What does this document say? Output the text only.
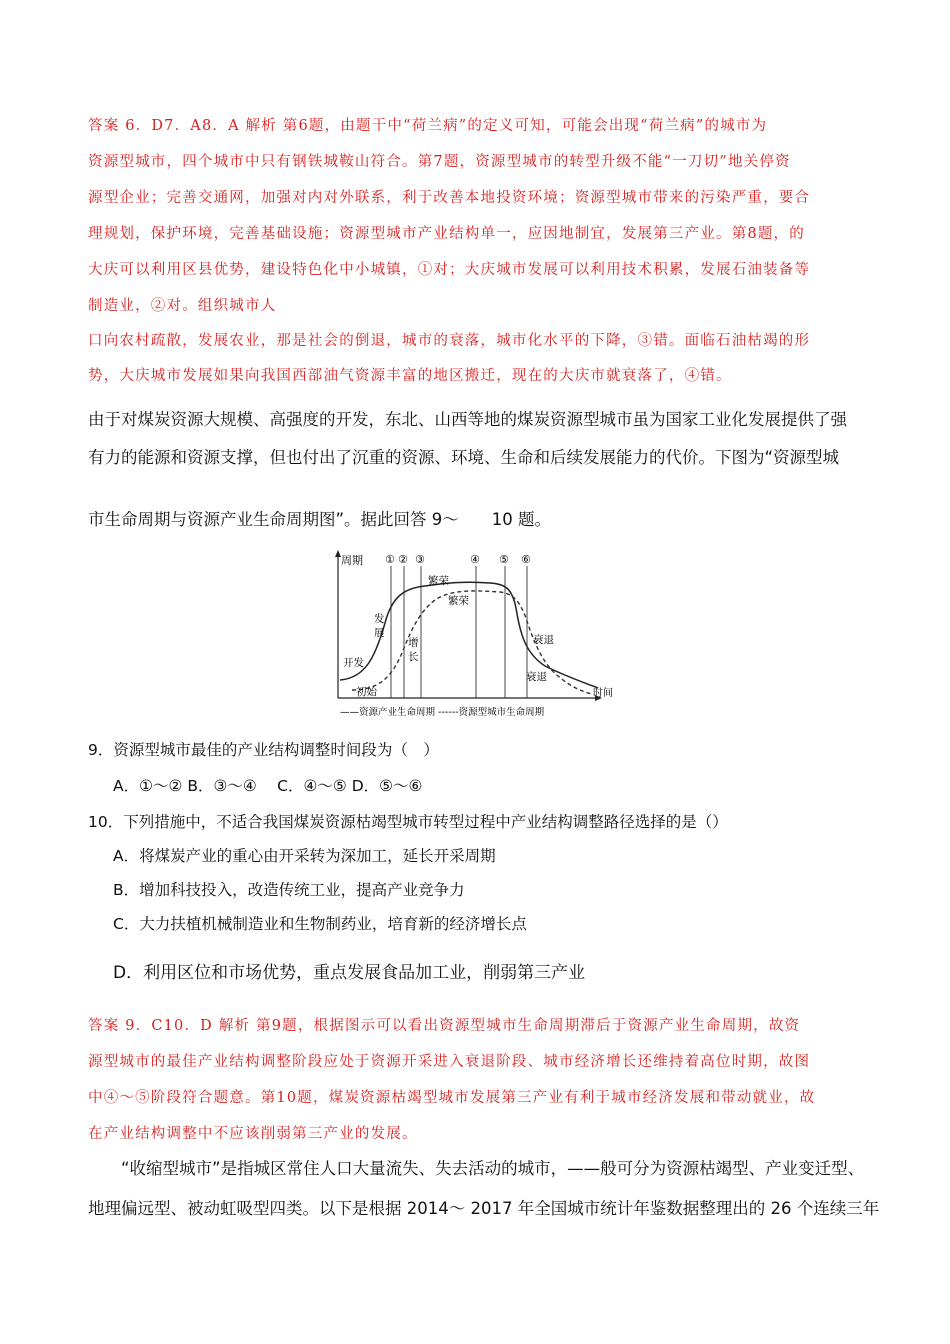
答案 6．D7．A8．A 解析 第6题，由题干中“荷兰病”的定义可知，可能会出现“荷兰病”的城市为
资源型城市，四个城市中只有钢铁城鞍山符合。第7题，资源型城市的转型升级不能“一刀切”地关停资
源型企业；完善交通网，加强对内对外联系，利于改善本地投资环境；资源型城市带来的污染严重，要合
理规划，保护环境，完善基础设施；资源型城市产业结构单一，应因地制宜，发展第三产业。第8题，的
大庆可以利用区县优势，建设特色化中小城镇，①对；大庆城市发展可以利用技术积累，发展石油装备等
制造业，②对。组织城市人
口向农村疏散，发展农业，那是社会的倒退，城市的衰落，城市化水平的下降，③错。面临石油枯竭的形
势，大庆城市发展如果向我国西部油气资源丰富的地区搬迁，现在的大庆市就衰落了，④错。
由于对煤炭资源大规模、高强度的开发，东北、山西等地的煤炭资源型城市虽为国家工业化发展提供了强
有力的能源和资源支撑，但也付出了沉重的资源、环境、生命和后续发展能力的代价。下图为“资源型城
市生命周期与资源产业生命周期图”。据此回答 9～　　10 题。
周期
时间
① ② ③	④ ⑤ ⑥
开发
发
展
繁荣
衰退
初始
增
长
繁荣
衰退
——资源产业生命周期 ------资源型城市生命周期
9．资源型城市最佳的产业结构调整时间段为（　）
A．①～② B．③～④　 C．④～⑤ D．⑤～⑥
10．下列措施中，不适合我国煤炭资源枯竭型城市转型过程中产业结构调整路径选择的是（）
A．将煤炭产业的重心由开采转为深加工，延长开采周期
B．增加科技投入，改造传统工业，提高产业竞争力
C．大力扶植机械制造业和生物制药业，培育新的经济增长点
D．利用区位和市场优势，重点发展食品加工业，削弱第三产业
答案 9．C10．D 解析 第9题，根据图示可以看出资源型城市生命周期滞后于资源产业生命周期，故资
源型城市的最佳产业结构调整阶段应处于资源开采进入衰退阶段、城市经济增长还维持着高位时期，故图
中④～⑤阶段符合题意。第10题，煤炭资源枯竭型城市发展第三产业有利于城市经济发展和带动就业，故
在产业结构调整中不应该削弱第三产业的发展。
　　“收缩型城市”是指城区常住人口大量流失、失去活动的城市，——般可分为资源枯竭型、产业变迁型、
地理偏远型、被动虹吸型四类。以下是根据 2014～ 2017 年全国城市统计年鉴数据整理出的 26 个连续三年
